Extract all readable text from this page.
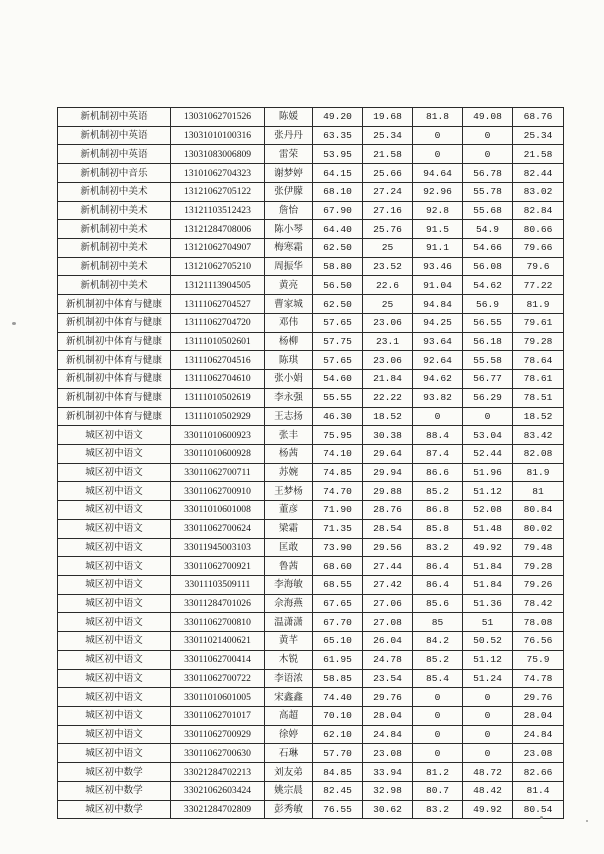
新机制初中英语	13031062701526	陈媛	49.20	19.68	81.8	49.08	68.76
新机制初中英语	13031010100316	张丹丹	63.35	25.34	0	0	25.34
新机制初中英语	13031083006809	雷荣	53.95	21.58	0	0	21.58
新机制初中音乐	13101062704323	谢梦婷	64.15	25.66	94.64	56.78	82.44
新机制初中美术	13121062705122	张伊朦	68.10	27.24	92.96	55.78	83.02
新机制初中美术	13121103512423	詹怡	67.90	27.16	92.8	55.68	82.84
新机制初中美术	13121284708006	陈小琴	64.40	25.76	91.5	54.9	80.66
新机制初中美术	13121062704907	梅寒霜	62.50	25	91.1	54.66	79.66
新机制初中美术	13121062705210	周振华	58.80	23.52	93.46	56.08	79.6
新机制初中美术	13121113904505	黄亮	56.50	22.6	91.04	54.62	77.22
新机制初中体育与健康	13111062704527	曹家城	62.50	25	94.84	56.9	81.9
新机制初中体育与健康	13111062704720	邓伟	57.65	23.06	94.25	56.55	79.61
新机制初中体育与健康	13111010502601	杨柳	57.75	23.1	93.64	56.18	79.28
新机制初中体育与健康	13111062704516	陈琪	57.65	23.06	92.64	55.58	78.64
新机制初中体育与健康	13111062704610	张小娟	54.60	21.84	94.62	56.77	78.61
新机制初中体育与健康	13111010502619	李永强	55.55	22.22	93.82	56.29	78.51
新机制初中体育与健康	13111010502929	王志扬	46.30	18.52	0	0	18.52
城区初中语文	33011010600923	张丰	75.95	30.38	88.4	53.04	83.42
城区初中语文	33011010600928	杨茜	74.10	29.64	87.4	52.44	82.08
城区初中语文	33011062700711	苏婉	74.85	29.94	86.6	51.96	81.9
城区初中语文	33011062700910	王梦杨	74.70	29.88	85.2	51.12	81
城区初中语文	33011010601008	董彦	71.90	28.76	86.8	52.08	80.84
城区初中语文	33011062700624	梁霜	71.35	28.54	85.8	51.48	80.02
城区初中语文	33011945003103	匡敢	73.90	29.56	83.2	49.92	79.48
城区初中语文	33011062700921	鲁茜	68.60	27.44	86.4	51.84	79.28
城区初中语文	33011103509111	李海敏	68.55	27.42	86.4	51.84	79.26
城区初中语文	33011284701026	佘海燕	67.65	27.06	85.6	51.36	78.42
城区初中语文	33011062700810	温潇潇	67.70	27.08	85	51	78.08
城区初中语文	33011021400621	黄芊	65.10	26.04	84.2	50.52	76.56
城区初中语文	33011062700414	木锐	61.95	24.78	85.2	51.12	75.9
城区初中语文	33011062700722	李语浓	58.85	23.54	85.4	51.24	74.78
城区初中语文	33011010601005	宋鑫鑫	74.40	29.76	0	0	29.76
城区初中语文	33011062701017	高超	70.10	28.04	0	0	28.04
城区初中语文	33011062700929	徐婷	62.10	24.84	0	0	24.84
城区初中语文	33011062700630	石琳	57.70	23.08	0	0	23.08
城区初中数学	33021284702213	刘友弟	84.85	33.94	81.2	48.72	82.66
城区初中数学	33021062603424	姚宗晨	82.45	32.98	80.7	48.42	81.4
城区初中数学	33021284702809	彭秀敏	76.55	30.62	83.2	49.92	80.54
